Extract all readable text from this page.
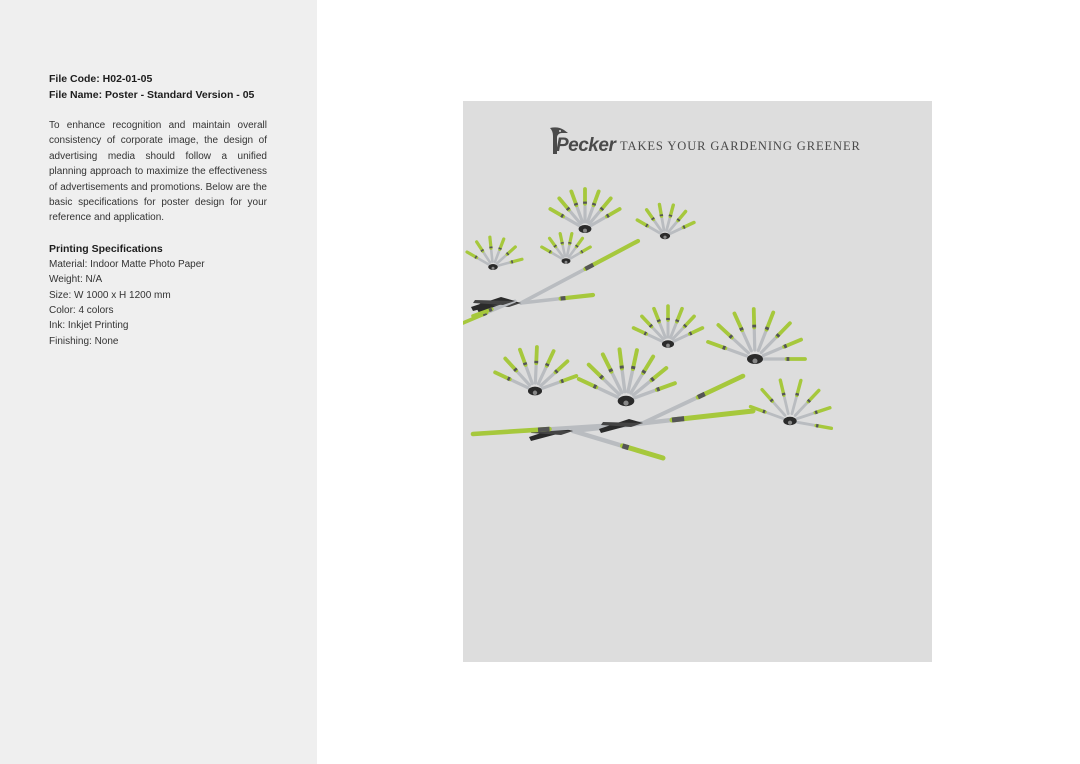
File Code: H02-01-05
File Name: Poster - Standard Version - 05
To enhance recognition and maintain overall consistency of corporate image, the design of advertising media should follow a unified planning approach to maximize the effectiveness of advertisements and promotions. Below are the basic specifications for poster design for your reference and application.
Printing Specifications
Material: Indoor Matte Photo Paper
Weight: N/A
Size: W 1000 x H 1200 mm
Color: 4 colors
Ink: Inkjet Printing
Finishing: None
Pecker TAKES YOUR GARDENING GREENER
